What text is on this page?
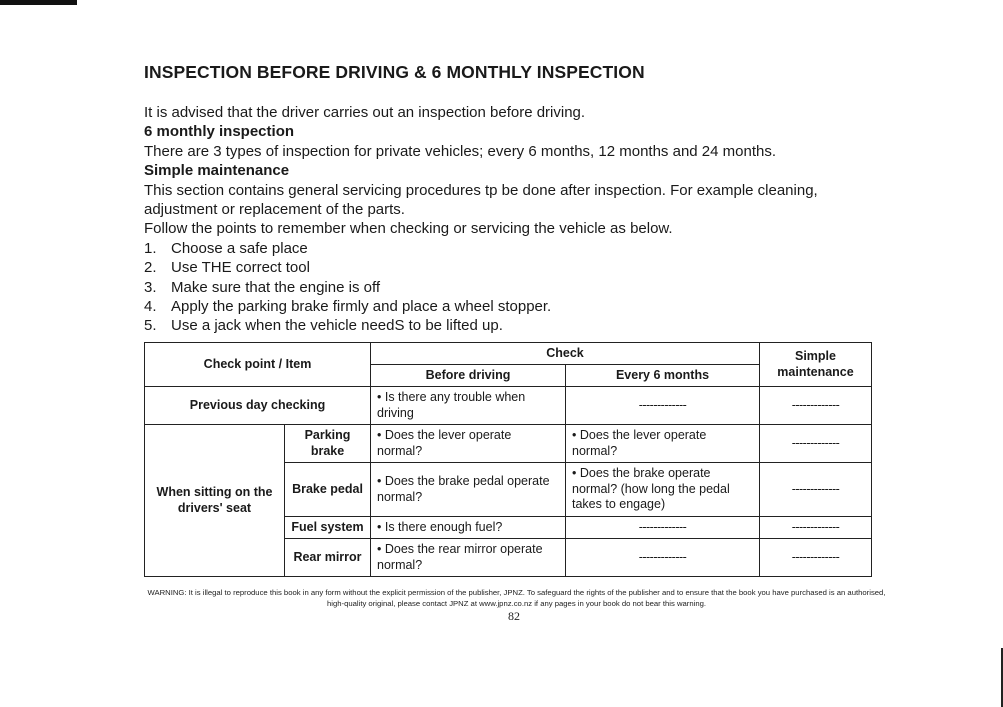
INSPECTION BEFORE DRIVING & 6 MONTHLY INSPECTION

It is advised that the driver carries out an inspection before driving.

6 monthly inspection

There are 3 types of inspection for private vehicles; every 6 months, 12 months and 24 months.

Simple maintenance

This section contains general servicing procedures tp be done after inspection. For example cleaning, adjustment or replacement of the parts.

Follow the points to remember when checking or servicing the vehicle as below.

1. Choose a safe place
2. Use THE correct tool
3. Make sure that the engine is off
4. Apply the parking brake firmly and place a wheel stopper.
5. Use a jack when the vehicle needS to be lifted up.
Check point / Item		Check		Simple maintenance
		Before driving	Every 6 months	
Previous day checking		• Is there any trouble when driving	-------------	-------------
When sitting on the drivers' seat	Parking brake	• Does the lever operate normal?	• Does the lever operate normal?	-------------
	Brake pedal	• Does the brake pedal operate normal?	• Does the brake operate normal? (how long the pedal takes to engage)	-------------
	Fuel system	• Is there enough fuel?	-------------	-------------
	Rear mirror	• Does the rear mirror operate normal?	-------------	-------------
WARNING: It is illegal to reproduce this book in any form without the explicit permission of the publisher, JPNZ. To safeguard the rights of the publisher and to ensure that the book you have purchased is an authorised, high-quality original, please contact JPNZ at www.jpnz.co.nz if any pages in your book do not bear this warning.
82
